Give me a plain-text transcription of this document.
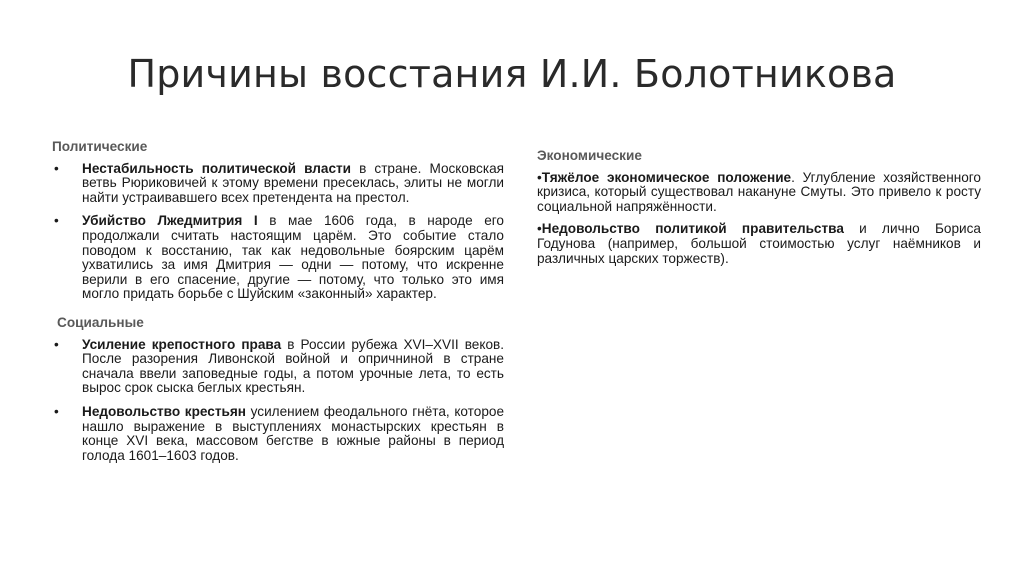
Причины восстания И.И. Болотникова
Политические
• Нестабильность политической власти в стране. Московская ветвь Рюриковичей к этому времени пресеклась, элиты не могли найти устраивавшего всех претендента на престол.
• Убийство Лжедмитрия I в мае 1606 года, в народе его продолжали считать настоящим царём. Это событие стало поводом к восстанию, так как недовольные боярским царём ухватились за имя Дмитрия — одни — потому, что искренне верили в его спасение, другие — потому, что только это имя могло придать борьбе с Шуйским «законный» характер.
Социальные
• Усиление крепостного права в России рубежа XVI–XVII веков. После разорения Ливонской войной и опричниной в стране сначала ввели заповедные годы, а потом урочные лета, то есть вырос срок сыска беглых крестьян.
• Недовольство крестьян усилением феодального гнёта, которое нашло выражение в выступлениях монастырских крестьян в конце XVI века, массовом бегстве в южные районы в период голода 1601–1603 годов.
Экономические
•Тяжёлое экономическое положение. Углубление хозяйственного кризиса, который существовал накануне Смуты. Это привело к росту социальной напряжённости.
•Недовольство политикой правительства и лично Бориса Годунова (например, большой стоимостью услуг наёмников и различных царских торжеств).
